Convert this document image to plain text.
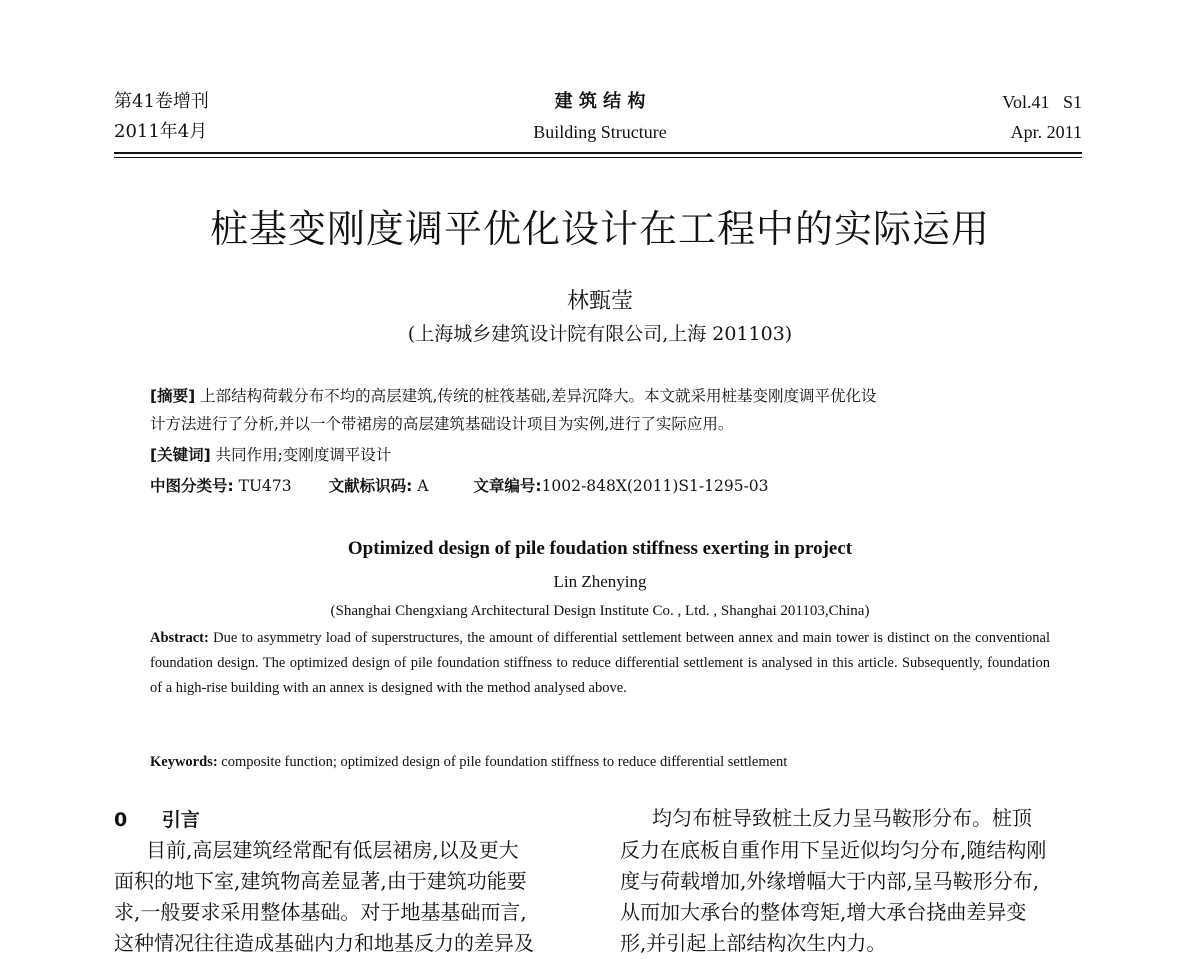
第41卷增刊
2011年4月
建 筑 结 构
Building Structure
Vol.41   S1
Apr. 2011
桩基变刚度调平优化设计在工程中的实际运用
林甄莹
(上海城乡建筑设计院有限公司,上海 201103)
[摘要] 上部结构荷载分布不均的高层建筑,传统的桩筏基础,差异沉降大。本文就采用桩基变刚度调平优化设
计方法进行了分析,并以一个带裙房的高层建筑基础设计项目为实例,进行了实际应用。
[关键词] 共同作用;变刚度调平设计
中图分类号: TU473 文献标识码: A	文章编号:1002-848X(2011)S1-1295-03
Optimized design of pile foudation stiffness exerting in project
Lin Zhenying
(Shanghai Chengxiang Architectural Design Institute Co. , Ltd. , Shanghai 201103,China)
Abstract: Due to asymmetry load of superstructures, the amount of differential settlement between annex and main tower is distinct on the conventional foundation design. The optimized design of pile foundation stiffness to reduce differential settlement is analysed in this article. Subsequently, foundation of a high-rise building with an annex is designed with the method analysed above.
Keywords: composite function; optimized design of pile foundation stiffness to reduce differential settlement
0 引言
目前,高层建筑经常配有低层裙房,以及更大
面积的地下室,建筑物高差显著,由于建筑功能要
求,一般要求采用整体基础。对于地基基础而言,
这种情况往往造成基础内力和地基反力的差异及
均匀布桩导致桩土反力呈马鞍形分布。桩顶
反力在底板自重作用下呈近似均匀分布,随结构刚
度与荷载增加,外缘增幅大于内部,呈马鞍形分布,
从而加大承台的整体弯矩,增大承台挠曲差异变
形,并引起上部结构次生内力。
